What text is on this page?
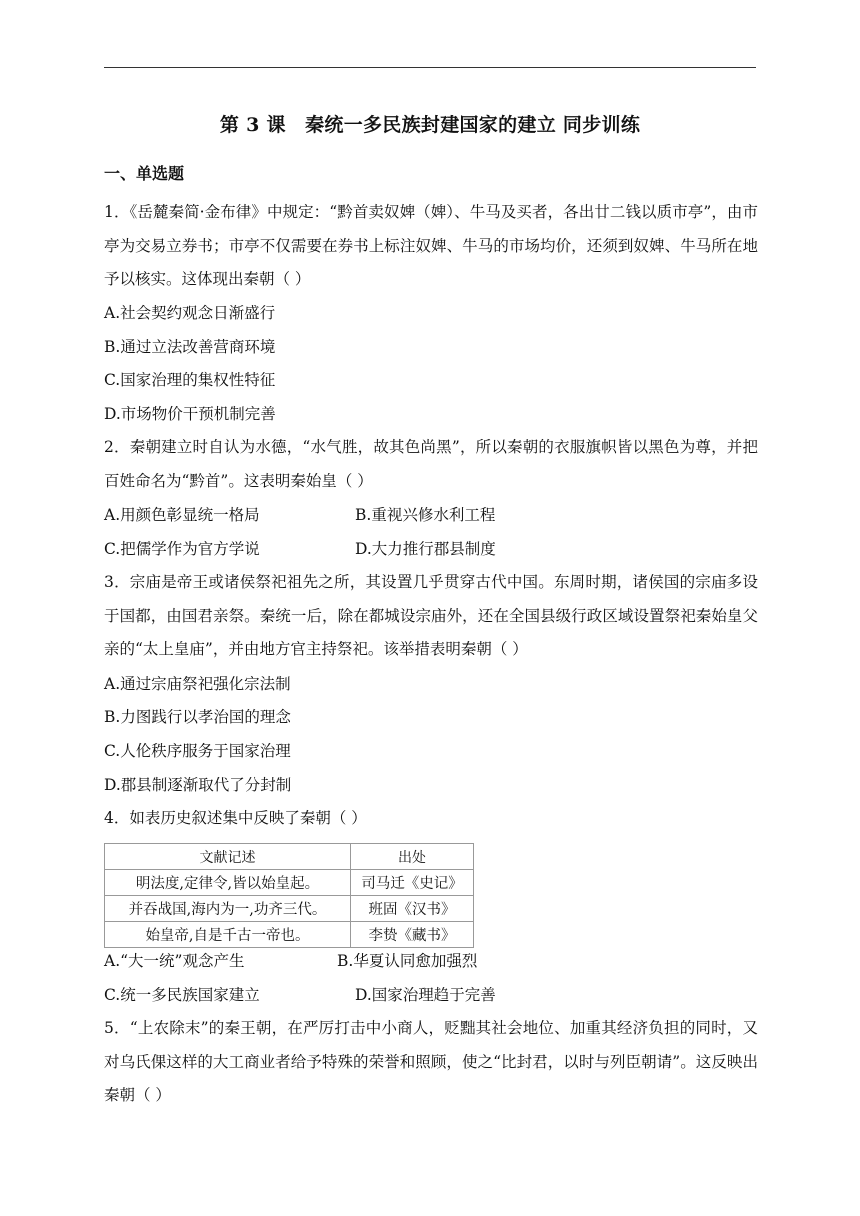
第 3 课　秦统一多民族封建国家的建立 同步训练
一、单选题
1．《岳麓秦简·金布律》中规定：“黔首卖奴婢（婢）、牛马及买者，各出廿二钱以质市亭”，由市亭为交易立券书；市亭不仅需要在券书上标注奴婢、牛马的市场均价，还须到奴婢、牛马所在地予以核实。这体现出秦朝（ ）
A.社会契约观念日渐盛行
B.通过立法改善营商环境
C.国家治理的集权性特征
D.市场物价干预机制完善
2．秦朝建立时自认为水德，“水气胜，故其色尚黑”，所以秦朝的衣服旗帜皆以黑色为尊，并把百姓命名为“黔首”。这表明秦始皇（ ）
A.用颜色彰显统一格局	B.重视兴修水利工程
C.把儒学作为官方学说	D.大力推行郡县制度
3．宗庙是帝王或诸侯祭祀祖先之所，其设置几乎贯穿古代中国。东周时期，诸侯国的宗庙多设于国都，由国君亲祭。秦统一后，除在都城设宗庙外，还在全国县级行政区域设置祭祀秦始皇父亲的“太上皇庙”，并由地方官主持祭祀。该举措表明秦朝（ ）
A.通过宗庙祭祀强化宗法制
B.力图践行以孝治国的理念
C.人伦秩序服务于国家治理
D.郡县制逐渐取代了分封制
4．如表历史叙述集中反映了秦朝（ ）
文献记述	出处
明法度,定律令,皆以始皇起。	司马迁《史记》
并吞战国,海内为一,功齐三代。	班固《汉书》
始皇帝,自是千古一帝也。	李贽《藏书》
A.“大一统”观念产生	B.华夏认同愈加强烈
C.统一多民族国家建立	D.国家治理趋于完善
5．“上农除末”的秦王朝，在严厉打击中小商人，贬黜其社会地位、加重其经济负担的同时，又对乌氏倮这样的大工商业者给予特殊的荣誉和照顾，使之“比封君，以时与列臣朝请”。这反映出秦朝（ ）
